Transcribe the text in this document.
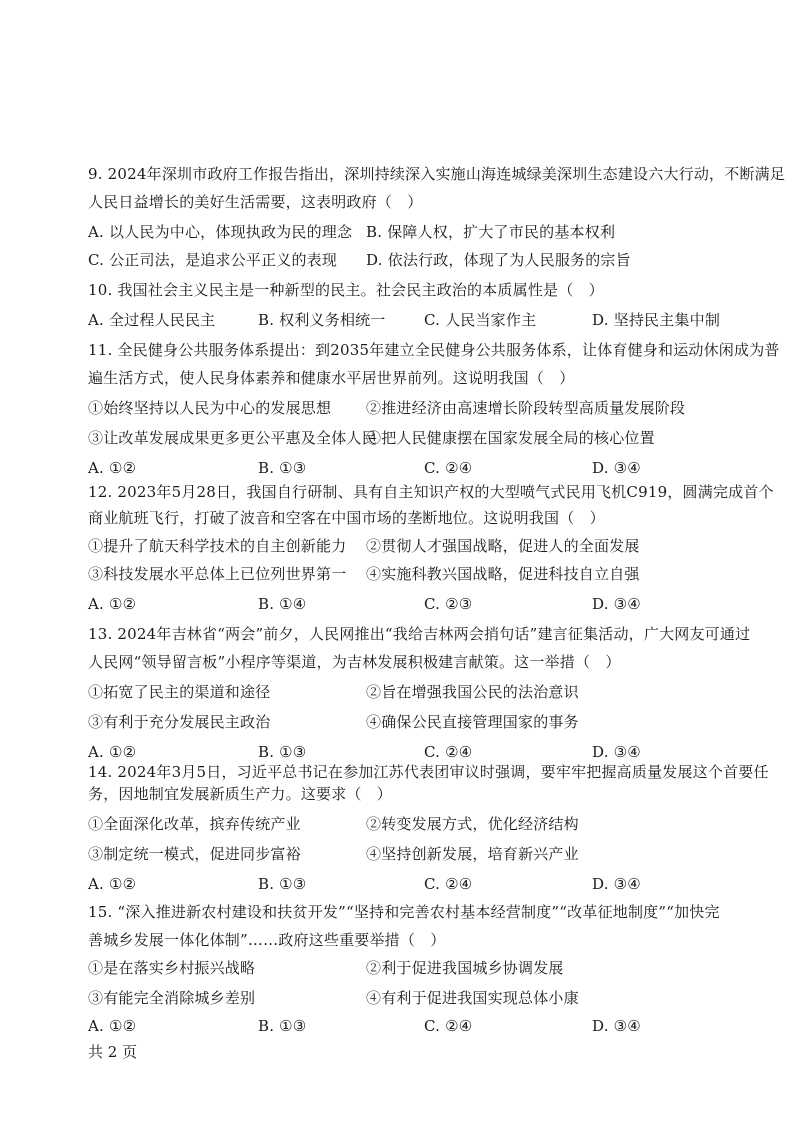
9. 2024年深圳市政府工作报告指出，深圳持续深入实施山海连城绿美深圳生态建设六大行动，不断满足
人民日益增长的美好生活需要，这表明政府（　）
A. 以人民为中心，体现执政为民的理念 B. 保障人权，扩大了市民的基本权利
C. 公正司法，是追求公平正义的表现 D. 依法行政，体现了为人民服务的宗旨
10. 我国社会主义民主是一种新型的民主。社会民主政治的本质属性是（　）
A. 全过程人民民主	B. 权利义务相统一	C. 人民当家作主	D. 坚持民主集中制
11. 全民健身公共服务体系提出：到2035年建立全民健身公共服务体系，让体育健身和运动休闲成为普
遍生活方式，使人民身体素养和健康水平居世界前列。这说明我国（　）
①始终坚持以人民为中心的发展思想 ②推进经济由高速增长阶段转型高质量发展阶段
③让改革发展成果更多更公平惠及全体人民
④把人民健康摆在国家发展全局的核心位置
A. ①②	B. ①③	C. ②④	D. ③④
12. 2023年5月28日，我国自行研制、具有自主知识产权的大型喷气式民用飞机C919，圆满完成首个
商业航班飞行，打破了波音和空客在中国市场的垄断地位。这说明我国（　）
①提升了航天科学技术的自主创新能力 ②贯彻人才强国战略，促进人的全面发展
③科技发展水平总体上已位列世界第一 ④实施科教兴国战略，促进科技自立自强
A. ①②	B. ①④	C. ②③	D. ③④
13. 2024年吉林省“两会”前夕，人民网推出“我给吉林两会捎句话”建言征集活动，广大网友可通过
人民网“领导留言板”小程序等渠道，为吉林发展积极建言献策。这一举措（　）
①拓宽了民主的渠道和途径	②旨在增强我国公民的法治意识
③有利于充分发展民主政治	④确保公民直接管理国家的事务
A. ①②	B. ①③	C. ②④	D. ③④
14. 2024年3月5日，习近平总书记在参加江苏代表团审议时强调，要牢牢把握高质量发展这个首要任
务，因地制宜发展新质生产力。这要求（　）
①全面深化改革，摈弃传统产业	②转变发展方式，优化经济结构
③制定统一模式，促进同步富裕	④坚持创新发展，培育新兴产业
A. ①②	B. ①③	C. ②④	D. ③④
15. “深入推进新农村建设和扶贫开发”“坚持和完善农村基本经营制度”“改革征地制度”“加快完
善城乡发展一体化体制”……政府这些重要举措（　）
①是在落实乡村振兴战略	②利于促进我国城乡协调发展
③有能完全消除城乡差别	④有利于促进我国实现总体小康
A. ①②	B. ①③	C. ②④	D. ③④
共 2 页
